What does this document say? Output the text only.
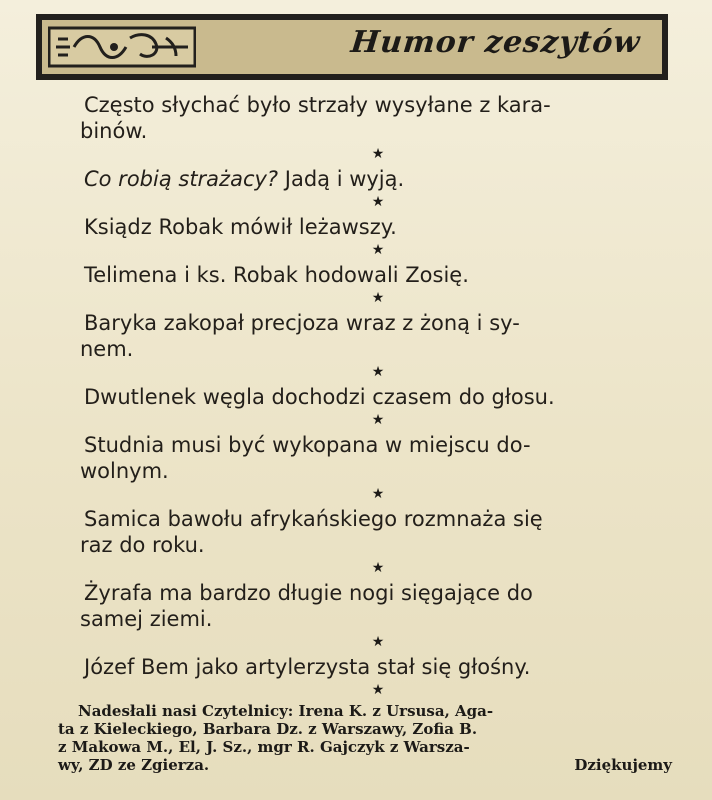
Humor zeszytów

Często słychać było strzały wysyłane z kara-
binów.

★

Co robią strażacy? Jadą i wyją.

★

Ksiądz Robak mówił leżawszy.

★

Telimena i ks. Robak hodowali Zosię.

★

Baryka zakopał precjoza wraz z żoną i sy-
nem.

★

Dwutlenek węgla dochodzi czasem do głosu.

★

Studnia musi być wykopana w miejscu do-
wolnym.

★

Samica bawołu afrykańskiego rozmnaża się
raz do roku.

★

Żyrafa ma bardzo długie nogi sięgające do
samej ziemi.

★

Józef Bem jako artylerzysta stał się głośny.

★
Nadesłali nasi Czytelnicy: Irena K. z Ursusa, Aga-
ta z Kieleckiego, Barbara Dz. z Warszawy, Zofia B.
z Makowa M., El, J. Sz., mgr R. Gajczyk z Warsza-
wy, ZD ze Zgierza.	Dziękujemy
